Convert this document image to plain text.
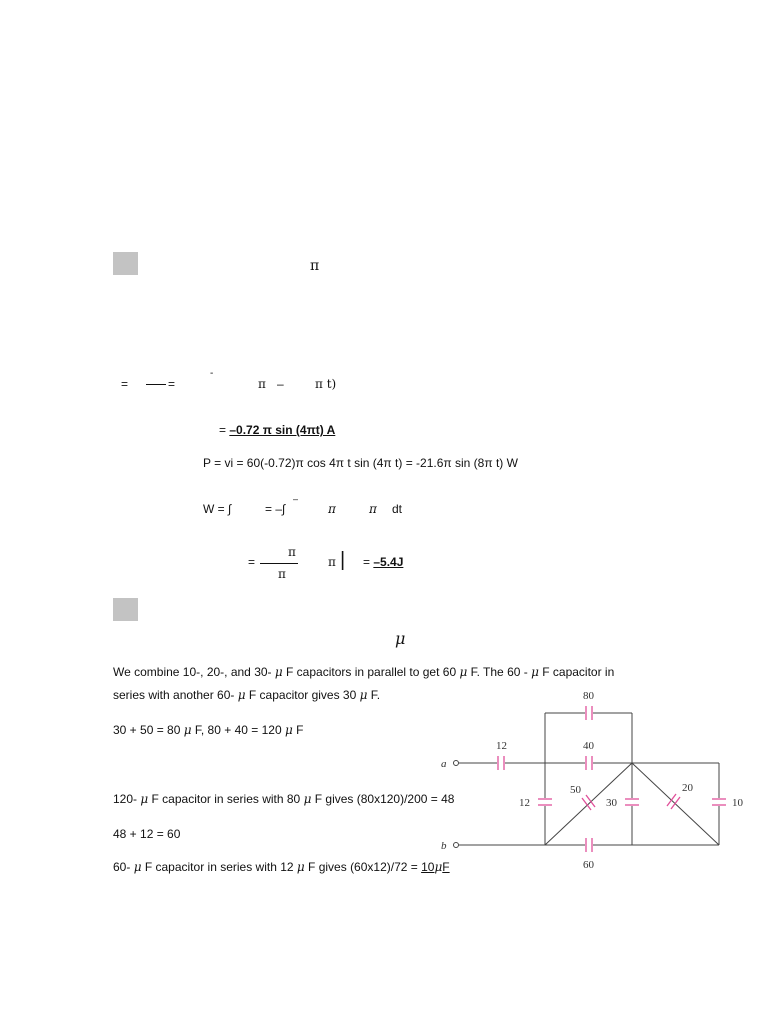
π
=	=
-
π –	π t)
= –0.72 π sin (4πt) A
P = vi = 60(-0.72)π cos 4π t sin (4π t) = -21.6π sin (8π t) W
W = ∫	= –∫
–
π	π dt
=
π
π
π | = –5.4J
μ
We combine 10-, 20-, and 30- μ F capacitors in parallel to get 60 μ F. The 60 - μ F capacitor in
series with another 60- μ F capacitor gives 30 μ F.
30 + 50 = 80 μ F, 80 + 40 = 120 μ F
120- μ F capacitor in series with 80 μ F gives (80x120)/200 = 48
48 + 12 = 60
60- μ F capacitor in series with 12 μ F gives (60x12)/72 = 10μF
80
12	40
50	20
12	30	10
60
a
b
